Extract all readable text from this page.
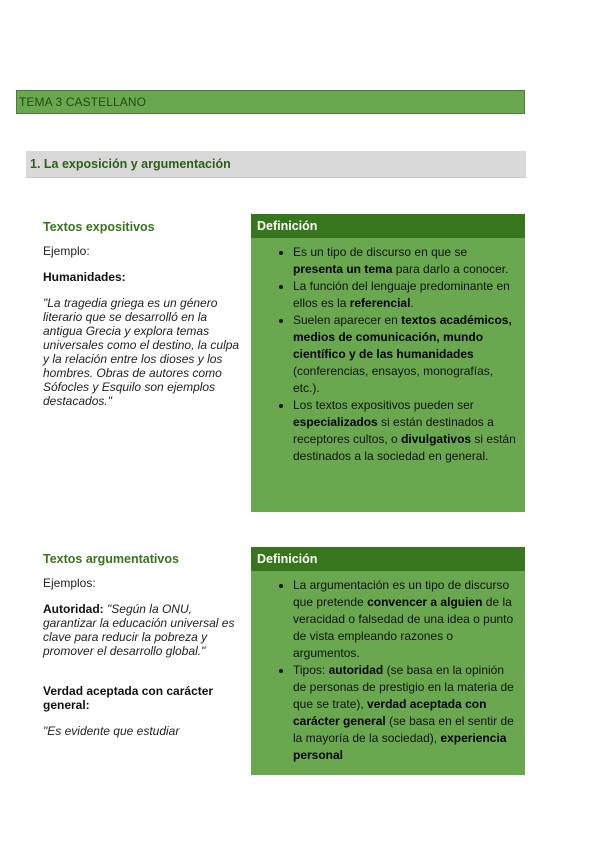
TEMA 3 CASTELLANO
1. La exposición y argumentación

Textos expositivos

Ejemplo:

Humanidades:

"La tragedia griega es un género literario que se desarrolló en la antigua Grecia y explora temas universales como el destino, la culpa y la relación entre los dioses y los hombres. Obras de autores como Sófocles y Esquilo son ejemplos destacados."

Definición
• Es un tipo de discurso en que se presenta un tema para darlo a conocer.
• La función del lenguaje predominante en ellos es la referencial.
• Suelen aparecer en textos académicos, medios de comunicación, mundo científico y de las humanidades (conferencias, ensayos, monografías, etc.).
• Los textos expositivos pueden ser especializados si están destinados a receptores cultos, o divulgativos si están destinados a la sociedad en general.

Textos argumentativos

Ejemplos:

Autoridad: "Según la ONU, garantizar la educación universal es clave para reducir la pobreza y promover el desarrollo global."

Verdad aceptada con carácter general:

"Es evidente que estudiar

Definición
• La argumentación es un tipo de discurso que pretende convencer a alguien de la veracidad o falsedad de una idea o punto de vista empleando razones o argumentos.
• Tipos: autoridad (se basa en la opinión de personas de prestigio en la materia de que se trate), verdad aceptada con carácter general (se basa en el sentir de la mayoría de la sociedad), experiencia personal
